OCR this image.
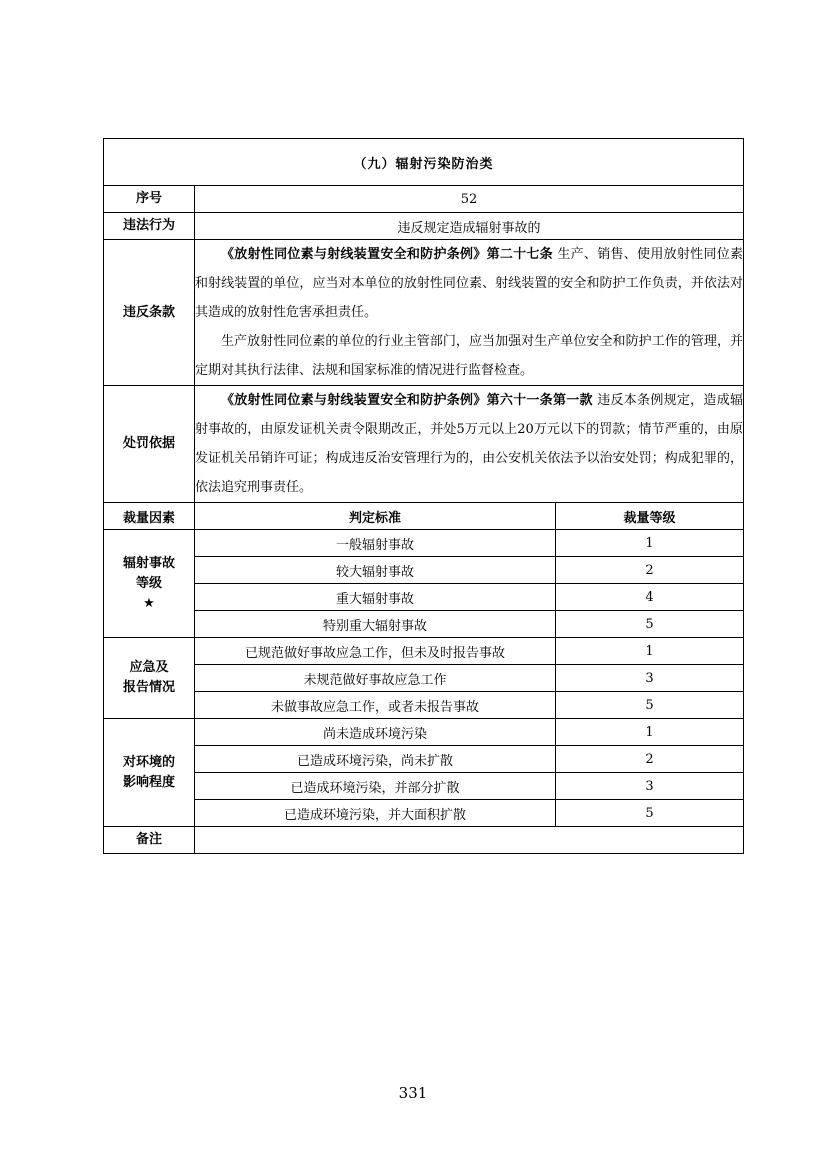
（九）辐射污染防治类		
序号	52	
违法行为	违反规定造成辐射事故的	
违反条款	《放射性同位素与射线装置安全和防护条例》第二十七条 生产、销售、使用放射性同位素和射线装置的单位，应当对本单位的放射性同位素、射线装置的安全和防护工作负责，并依法对其造成的放射性危害承担责任。

生产放射性同位素的单位的行业主管部门，应当加强对生产单位安全和防护工作的管理，并定期对其执行法律、法规和国家标准的情况进行监督检查。	

处罚依据	《放射性同位素与射线装置安全和防护条例》第六十一条第一款 违反本条例规定，造成辐射事故的，由原发证机关责令限期改正，并处5万元以上20万元以下的罚款；情节严重的，由原发证机关吊销许可证；构成违反治安管理行为的，由公安机关依法予以治安处罚；构成犯罪的，依法追究刑事责任。	

裁量因素	判定标准	裁量等级

辐射事故
等级
★	一般辐射事故	1
	较大辐射事故	2
	重大辐射事故	4
	特别重大辐射事故	5

应急及
报告情况	已规范做好事故应急工作，但未及时报告事故	1
	未规范做好事故应急工作	3
	未做事故应急工作，或者未报告事故	5

对环境的
影响程度	尚未造成环境污染	1
	已造成环境污染，尚未扩散	2
	已造成环境污染，并部分扩散	3
	已造成环境污染，并大面积扩散	5
备注		
331
